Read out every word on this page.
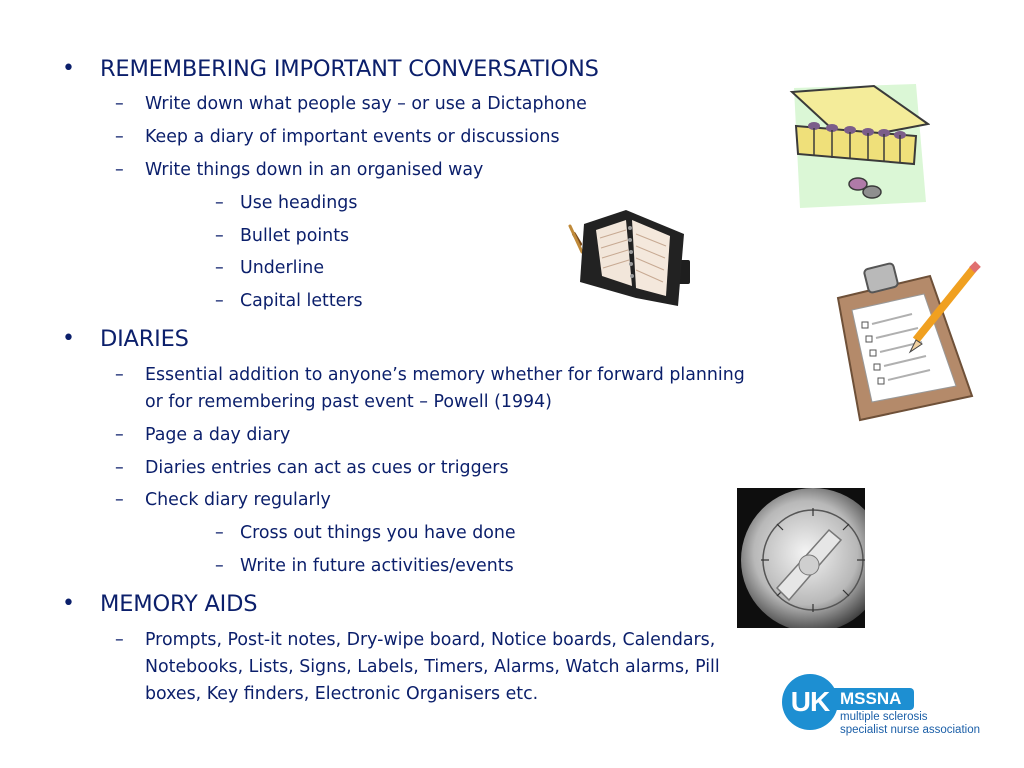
• REMEMBERING IMPORTANT CONVERSATIONS
– Write down what people say – or use a Dictaphone
– Keep a diary of important events or discussions
– Write things down in an organised way
– Use headings
– Bullet points
– Underline
– Capital letters
• DIARIES
– Essential addition to anyone’s memory whether for forward planning or for remembering past event – Powell (1994)
– Page a day diary
– Diaries entries can act as cues or triggers
– Check diary regularly
– Cross out things you have done
– Write in future activities/events
• MEMORY AIDS
– Prompts, Post-it notes, Dry-wipe board, Notice boards, Calendars, Notebooks, Lists, Signs, Labels, Timers, Alarms, Watch alarms, Pill boxes, Key finders, Electronic Organisers etc.	UK MSSNA
multiple sclerosis
specialist nurse association
